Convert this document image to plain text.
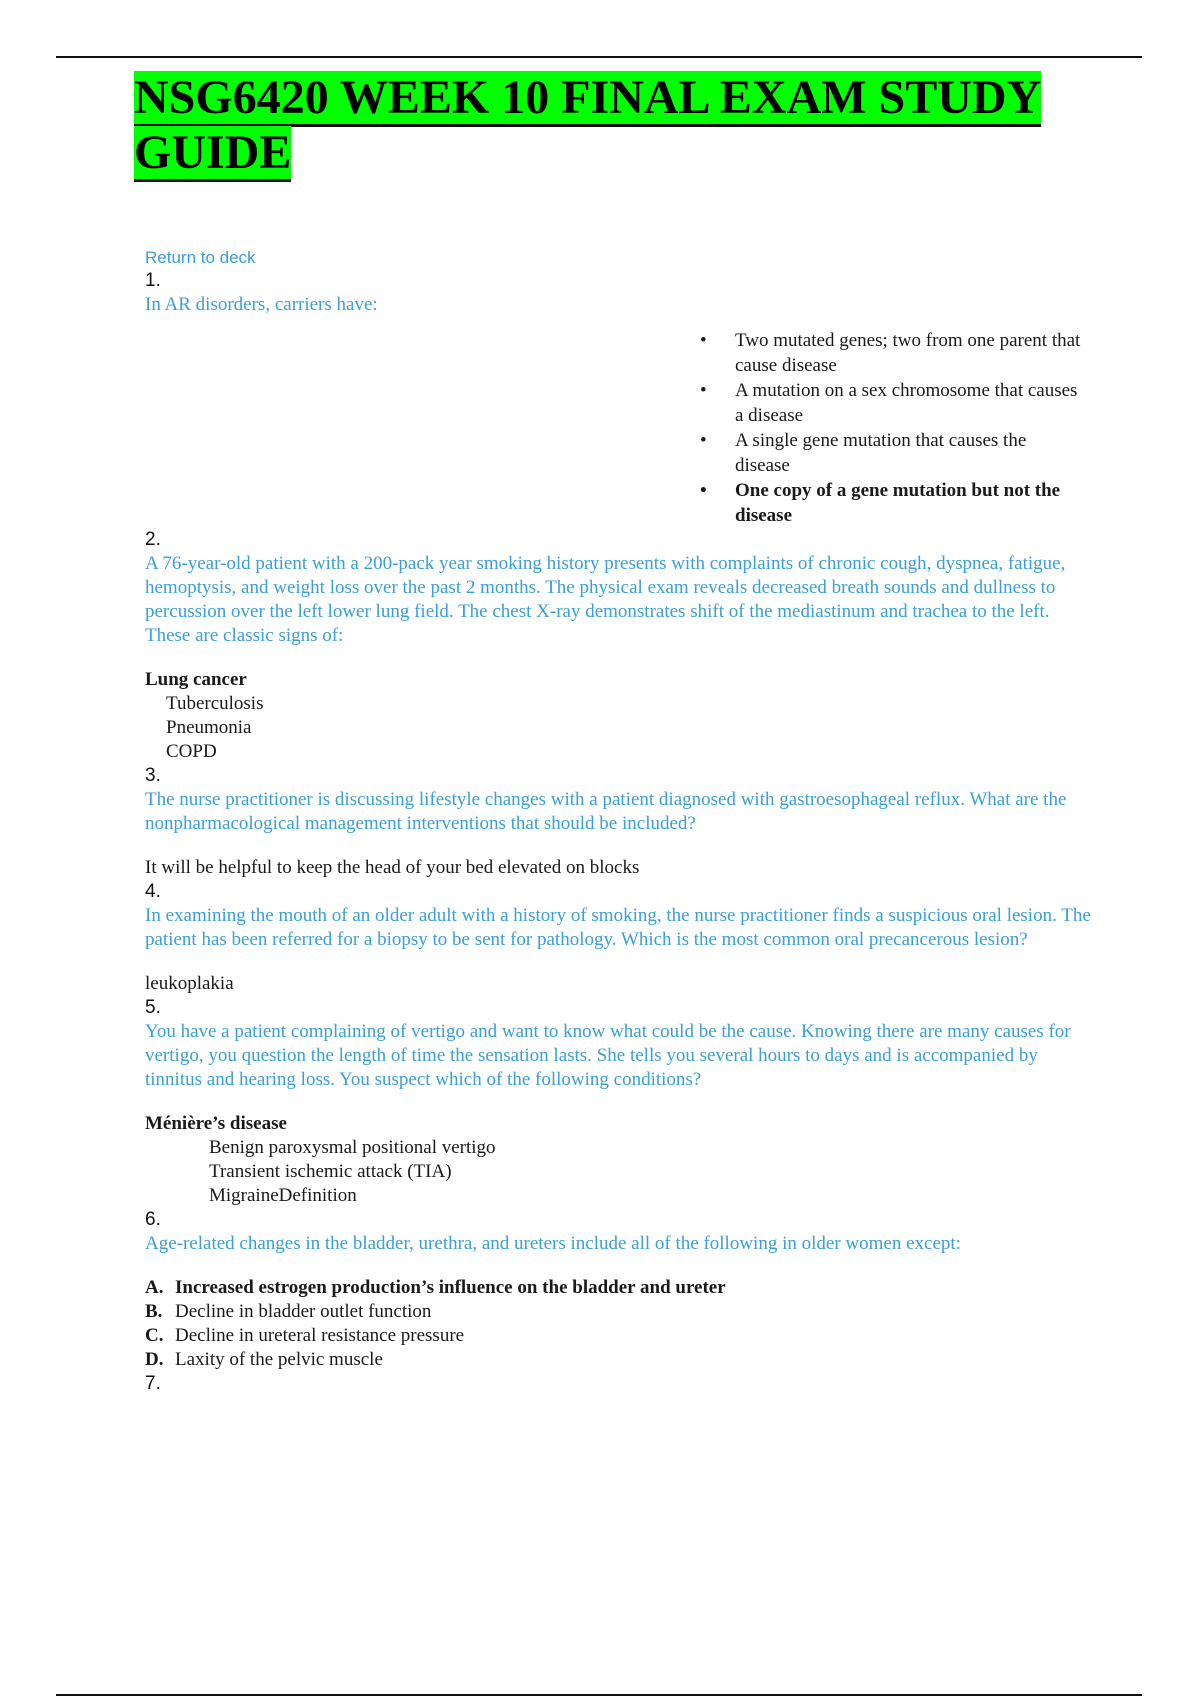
NSG6420 WEEK 10 FINAL EXAM STUDY GUIDE
Return to deck
1.
In AR disorders, carriers have:
• Two mutated genes; two from one parent that cause disease
• A mutation on a sex chromosome that causes a disease
• A single gene mutation that causes the disease
• One copy of a gene mutation but not the disease
2.
A 76-year-old patient with a 200-pack year smoking history presents with complaints of chronic cough, dyspnea, fatigue, hemoptysis, and weight loss over the past 2 months. The physical exam reveals decreased breath sounds and dullness to percussion over the left lower lung field. The chest X-ray demonstrates shift of the mediastinum and trachea to the left. These are classic signs of:
Lung cancer
Tuberculosis
Pneumonia
COPD
3.
The nurse practitioner is discussing lifestyle changes with a patient diagnosed with gastroesophageal reflux. What are the nonpharmacological management interventions that should be included?
It will be helpful to keep the head of your bed elevated on blocks
4.
In examining the mouth of an older adult with a history of smoking, the nurse practitioner finds a suspicious oral lesion. The patient has been referred for a biopsy to be sent for pathology. Which is the most common oral precancerous lesion?
leukoplakia
5.
You have a patient complaining of vertigo and want to know what could be the cause. Knowing there are many causes for vertigo, you question the length of time the sensation lasts. She tells you several hours to days and is accompanied by tinnitus and hearing loss. You suspect which of the following conditions?
Ménière’s disease
Benign paroxysmal positional vertigo
Transient ischemic attack (TIA)
MigraineDefinition
6.
Age-related changes in the bladder, urethra, and ureters include all of the following in older women except:
A. Increased estrogen production’s influence on the bladder and ureter
B. Decline in bladder outlet function
C. Decline in ureteral resistance pressure
D. Laxity of the pelvic muscle
7.
